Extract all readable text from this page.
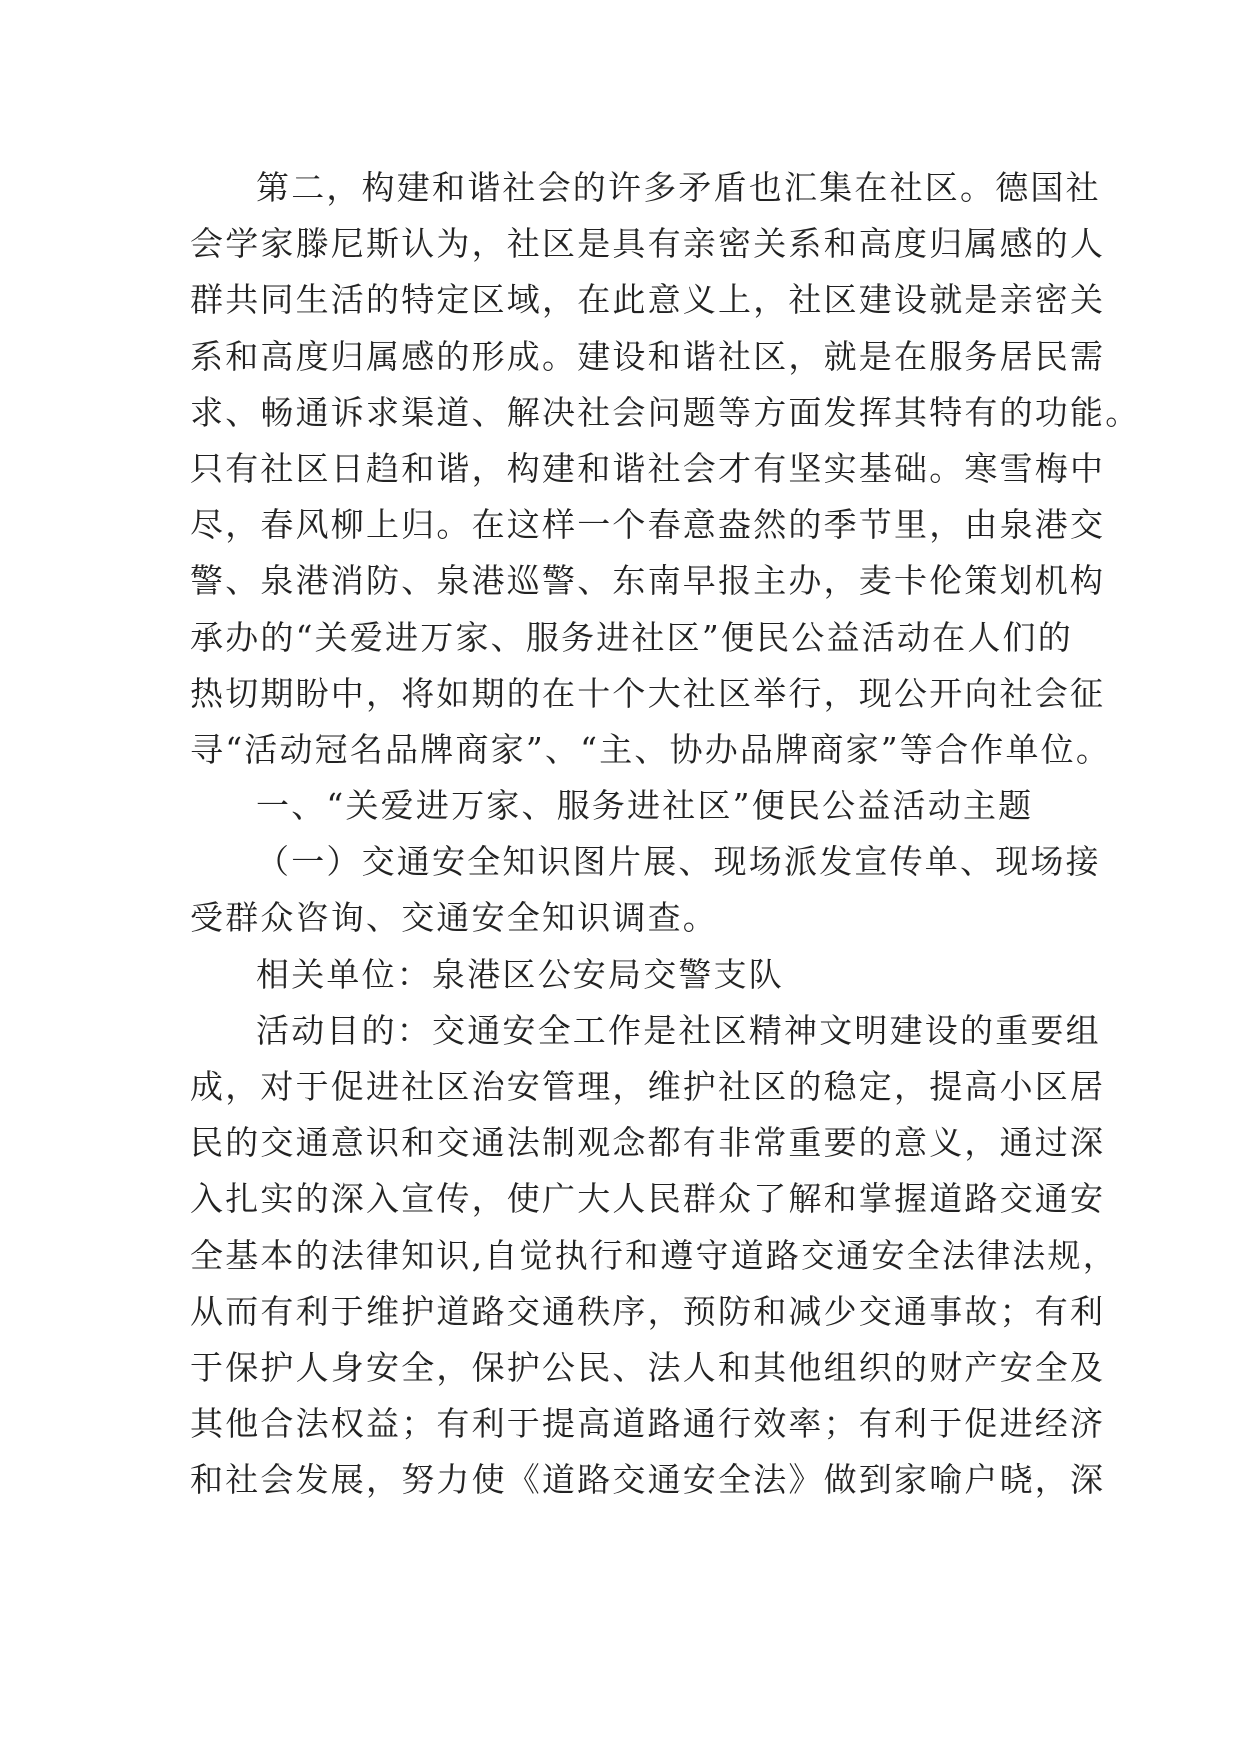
第二，构建和谐社会的许多矛盾也汇集在社区。德国社
会学家滕尼斯认为，社区是具有亲密关系和高度归属感的人
群共同生活的特定区域，在此意义上，社区建设就是亲密关
系和高度归属感的形成。建设和谐社区，就是在服务居民需
求、畅通诉求渠道、解决社会问题等方面发挥其特有的功能。
只有社区日趋和谐，构建和谐社会才有坚实基础。寒雪梅中
尽，春风柳上归。在这样一个春意盎然的季节里，由泉港交
警、泉港消防、泉港巡警、东南早报主办，麦卡伦策划机构
承办的“关爱进万家、服务进社区”便民公益活动在人们的
热切期盼中，将如期的在十个大社区举行，现公开向社会征
寻“活动冠名品牌商家”、“主、协办品牌商家”等合作单位。
一、“关爱进万家、服务进社区”便民公益活动主题
（一）交通安全知识图片展、现场派发宣传单、现场接
受群众咨询、交通安全知识调查。
相关单位：泉港区公安局交警支队
活动目的：交通安全工作是社区精神文明建设的重要组
成，对于促进社区治安管理，维护社区的稳定，提高小区居
民的交通意识和交通法制观念都有非常重要的意义，通过深
入扎实的深入宣传，使广大人民群众了解和掌握道路交通安
全基本的法律知识,自觉执行和遵守道路交通安全法律法规，
从而有利于维护道路交通秩序，预防和减少交通事故；有利
于保护人身安全，保护公民、法人和其他组织的财产安全及
其他合法权益；有利于提高道路通行效率；有利于促进经济
和社会发展，努力使《道路交通安全法》做到家喻户晓，深
